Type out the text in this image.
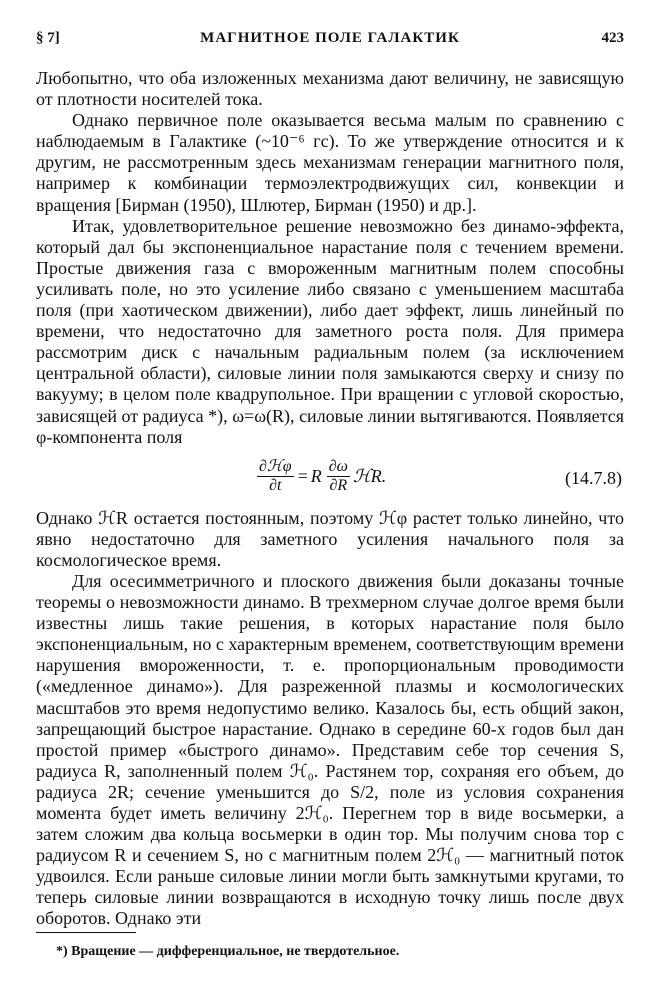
§ 7]	МАГНИТНОЕ ПОЛЕ ГАЛАКТИК	423

Любопытно, что оба изложенных механизма дают величину, не зависящую от плотности носителей тока.

Однако первичное поле оказывается весьма малым по сравнению с наблюдаемым в Галактике (~10⁻⁶ гс). То же утверждение относится и к другим, не рассмотренным здесь механизмам генерации магнитного поля, например к комбинации термоэлектродвижущих сил, конвекции и вращения [Бирман (1950), Шлютер, Бирман (1950) и др.].

Итак, удовлетворительное решение невозможно без динамо-эффекта, который дал бы экспоненциальное нарастание поля с течением времени. Простые движения газа с вмороженным магнитным полем способны усиливать поле, но это усиление либо связано с уменьшением масштаба поля (при хаотическом движении), либо дает эффект, лишь линейный по времени, что недостаточно для заметного роста поля. Для примера рассмотрим диск с начальным радиальным полем (за исключением центральной области), силовые линии поля замыкаются сверху и снизу по вакууму; в целом поле квадрупольное. При вращении с угловой скоростью, зависящей от радиуса *), ω=ω(R), силовые линии вытягиваются. Появляется φ-компонента поля

$\frac{\text{∂ℋφ}}{\partial t} = R \frac{\partial\omega}{\partial R}$ ℋR.	(14.7.8)

Однако ℋR остается постоянным, поэтому ℋφ растет только линейно, что явно недостаточно для заметного усиления начального поля за космологическое время.

Для осесимметричного и плоского движения были доказаны точные теоремы о невозможности динамо. В трехмерном случае долгое время были известны лишь такие решения, в которых нарастание поля было экспоненциальным, но с характерным временем, соответствующим времени нарушения вмороженности, т. е. пропорциональным проводимости («медленное динамо»). Для разреженной плазмы и космологических масштабов это время недопустимо велико. Казалось бы, есть общий закон, запрещающий быстрое нарастание. Однако в середине 60-х годов был дан простой пример «быстрого динамо». Представим себе тор сечения S, радиуса R, заполненный полем ℋ₀. Растянем тор, сохраняя его объем, до радиуса 2R; сечение уменьшится до S/2, поле из условия сохранения момента будет иметь величину 2ℋ₀. Перегнем тор в виде восьмерки, а затем сложим два кольца восьмерки в один тор. Мы получим снова тор с радиусом R и сечением S, но с магнитным полем 2ℋ₀ — магнитный поток удвоился. Если раньше силовые линии могли быть замкнутыми кругами, то теперь силовые линии возвращаются в исходную точку лишь после двух оборотов. Однако эти

*) Вращение — дифференциальное, не твердотельное.
